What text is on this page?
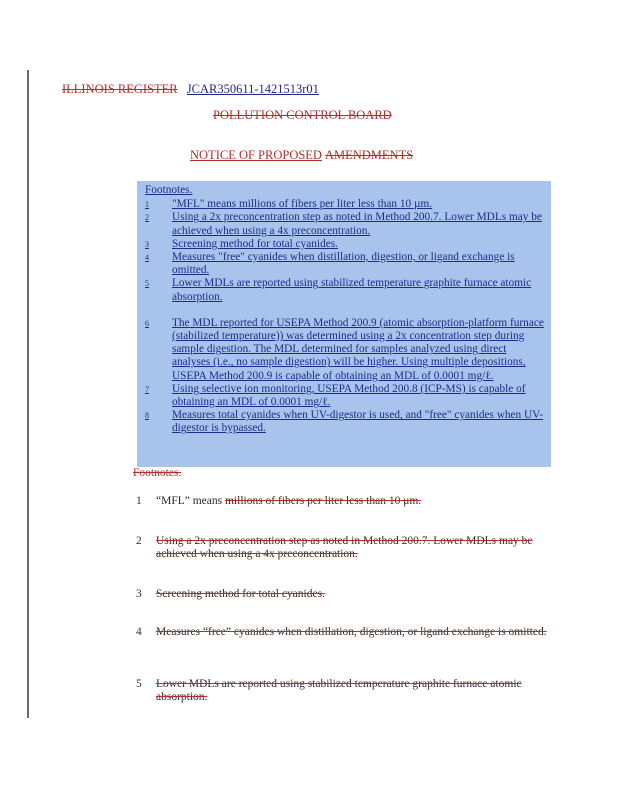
ILLINOIS REGISTER JCAR350611-1421513r01
POLLUTION CONTROL BOARD
NOTICE OF PROPOSED AMENDMENTS
Footnotes.
1	"MFL" means millions of fibers per liter less than 10 µm.
2	Using a 2x preconcentration step as noted in Method 200.7. Lower MDLs may be achieved when using a 4x preconcentration.
3	Screening method for total cyanides.
4	Measures "free" cyanides when distillation, digestion, or ligand exchange is omitted.
5	Lower MDLs are reported using stabilized temperature graphite furnace atomic absorption.
6	The MDL reported for USEPA Method 200.9 (atomic absorption-platform furnace (stabilized temperature)) was determined using a 2x concentration step during sample digestion. The MDL determined for samples analyzed using direct analyses (i.e., no sample digestion) will be higher. Using multiple depositions, USEPA Method 200.9 is capable of obtaining an MDL of 0.0001 mg/ℓ.
7	Using selective ion monitoring, USEPA Method 200.8 (ICP-MS) is capable of obtaining an MDL of 0.0001 mg/ℓ.
8	Measures total cyanides when UV-digestor is used, and "free" cyanides when UV-digestor is bypassed.
Footnotes.
1	“MFL” means millions of fibers per liter less than 10 μm.
2	Using a 2x preconcentration step as noted in Method 200.7. Lower MDLs may be achieved when using a 4x preconcentration.
3	Screening method for total cyanides.
4	Measures “free” cyanides when distillation, digestion, or ligand exchange is omitted.
5	Lower MDLs are reported using stabilized temperature graphite furnace atomic absorption.
